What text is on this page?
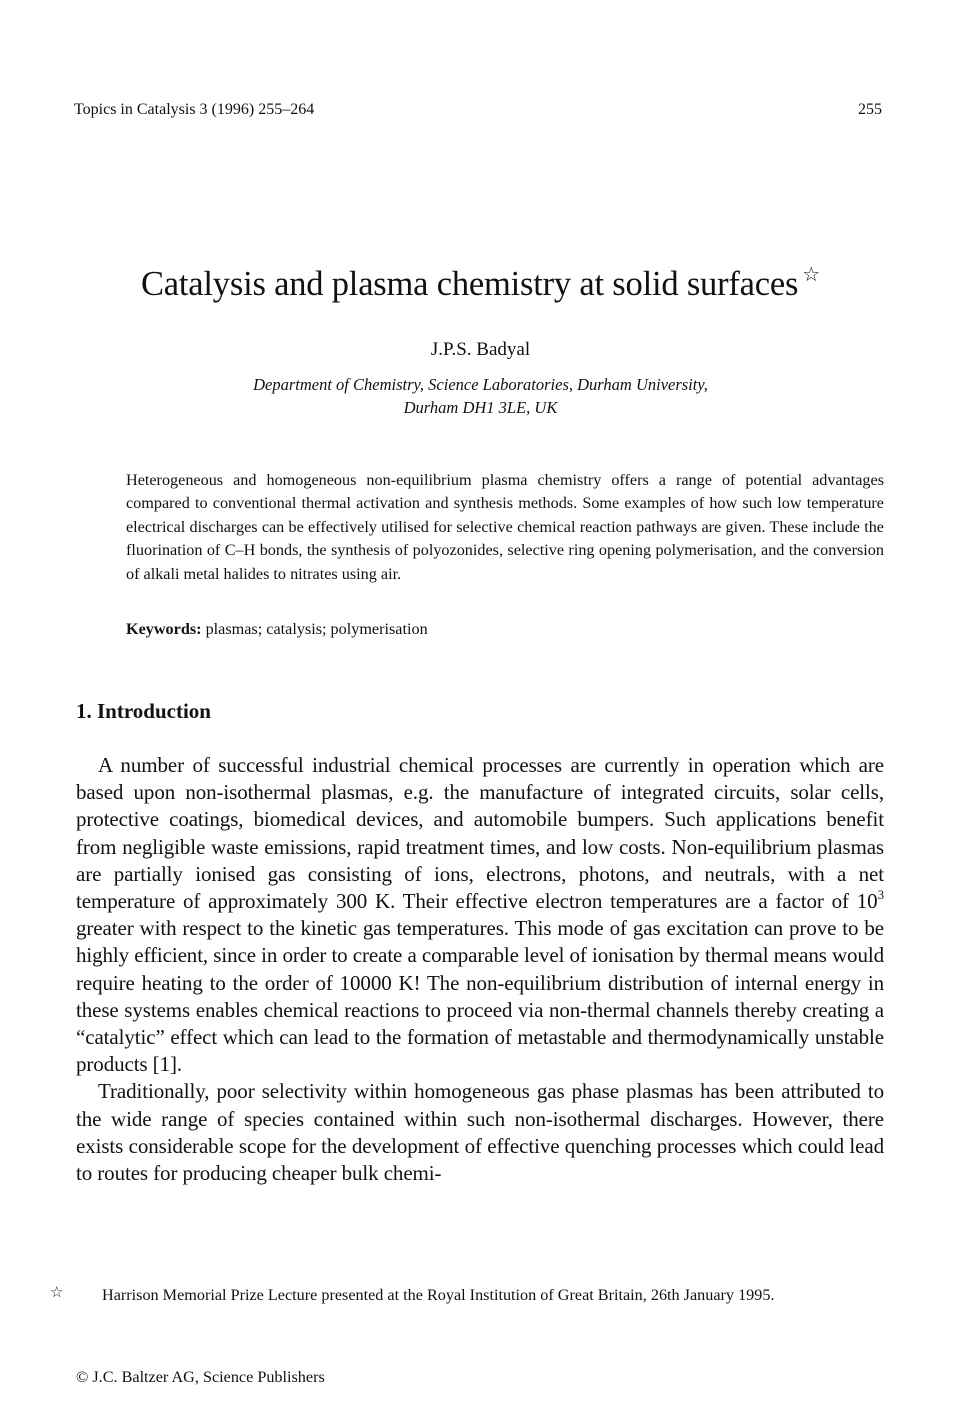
Topics in Catalysis 3 (1996) 255–264	255
Catalysis and plasma chemistry at solid surfaces ☆
J.P.S. Badyal
Department of Chemistry, Science Laboratories, Durham University,
Durham DH1 3LE, UK
Heterogeneous and homogeneous non-equilibrium plasma chemistry offers a range of potential advantages compared to conventional thermal activation and synthesis methods. Some examples of how such low temperature electrical discharges can be effectively utilised for selective chemical reaction pathways are given. These include the fluorination of C–H bonds, the synthesis of polyozonides, selective ring opening polymerisation, and the conversion of alkali metal halides to nitrates using air.
Keywords: plasmas; catalysis; polymerisation
1. Introduction

A number of successful industrial chemical processes are currently in operation which are based upon non-isothermal plasmas, e.g. the manufacture of integrated circuits, solar cells, protective coatings, biomedical devices, and automobile bumpers. Such applications benefit from negligible waste emissions, rapid treatment times, and low costs. Non-equilibrium plasmas are partially ionised gas consisting of ions, electrons, photons, and neutrals, with a net temperature of approximately 300 K. Their effective electron temperatures are a factor of $10^3$ greater with respect to the kinetic gas temperatures. This mode of gas excitation can prove to be highly efficient, since in order to create a comparable level of ionisation by thermal means would require heating to the order of 10000 K! The non-equilibrium distribution of internal energy in these systems enables chemical reactions to proceed via non-thermal channels thereby creating a “catalytic” effect which can lead to the formation of metastable and thermodynamically unstable products [1].

Traditionally, poor selectivity within homogeneous gas phase plasmas has been attributed to the wide range of species contained within such non-isothermal discharges. However, there exists considerable scope for the development of effective quenching processes which could lead to routes for producing cheaper bulk chemi-

☆ Harrison Memorial Prize Lecture presented at the Royal Institution of Great Britain, 26th January 1995.
© J.C. Baltzer AG, Science Publishers
